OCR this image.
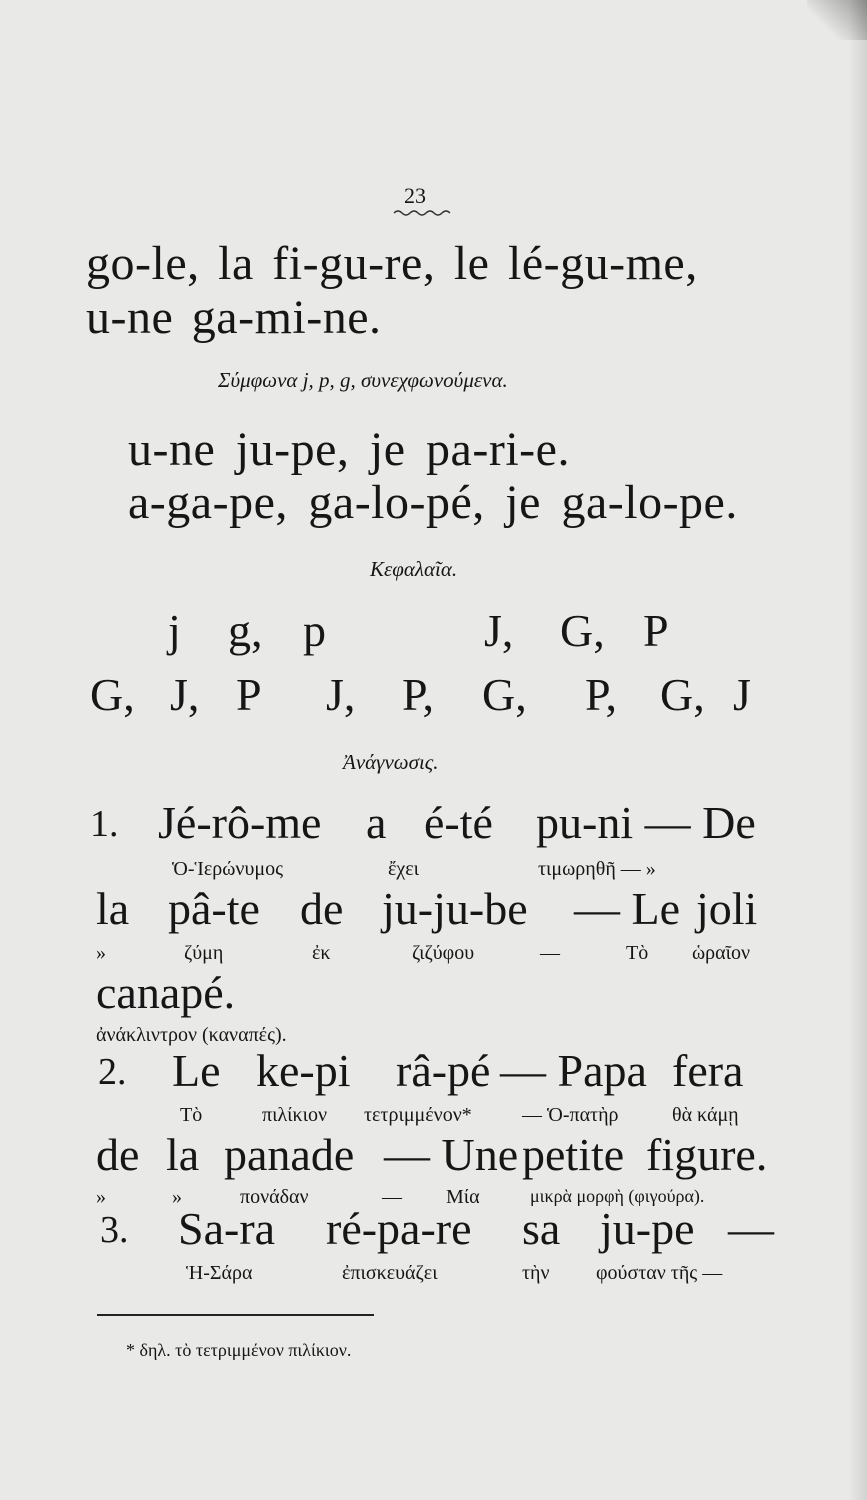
23
go-le, la fi-gu-re, le lé-gu-me,
u-ne ga-mi-ne.
Σύμφωνα j, p, g, συνεχφωνούμενα.
u-ne ju-pe, je pa-ri-e.
a-ga-pe, ga-lo-pé, je ga-lo-pe.
Κεφαλαῖα.
j g, p	J, G, P
G, J, P J, P, G, P, G, J
Ἀνάγνωσις.
1. Jé-rô-me a é-té pu-ni — De
Ὁ-Ἱερώνυμος	ἔχει	τιμωρηθῆ — »
la pâ-te de ju-ju-be — Le joli
»	ζύμη	ἐκ	ζιζύφου	—	Τὸ ὡραῖον
canapé.
ἀνάκλιντρον (καναπές).
2. Le ke-pi râ-pé — Papa fera
Τὸ	πιλίκιον τετριμμένον*	— Ὁ-πατὴρ	θὰ κάμῃ
de la panade — Une petite figure.
»	»	πονάδαν	— Μία	μικρὰ μορφὴ (φιγούρα).
3. Sa-ra ré-pa-re sa ju-pe —
Ἡ-Σάρα	ἐπισκευάζει	τὴν φούσταν τῆς —
* δηλ. τὸ τετριμμένον πιλίκιον.
